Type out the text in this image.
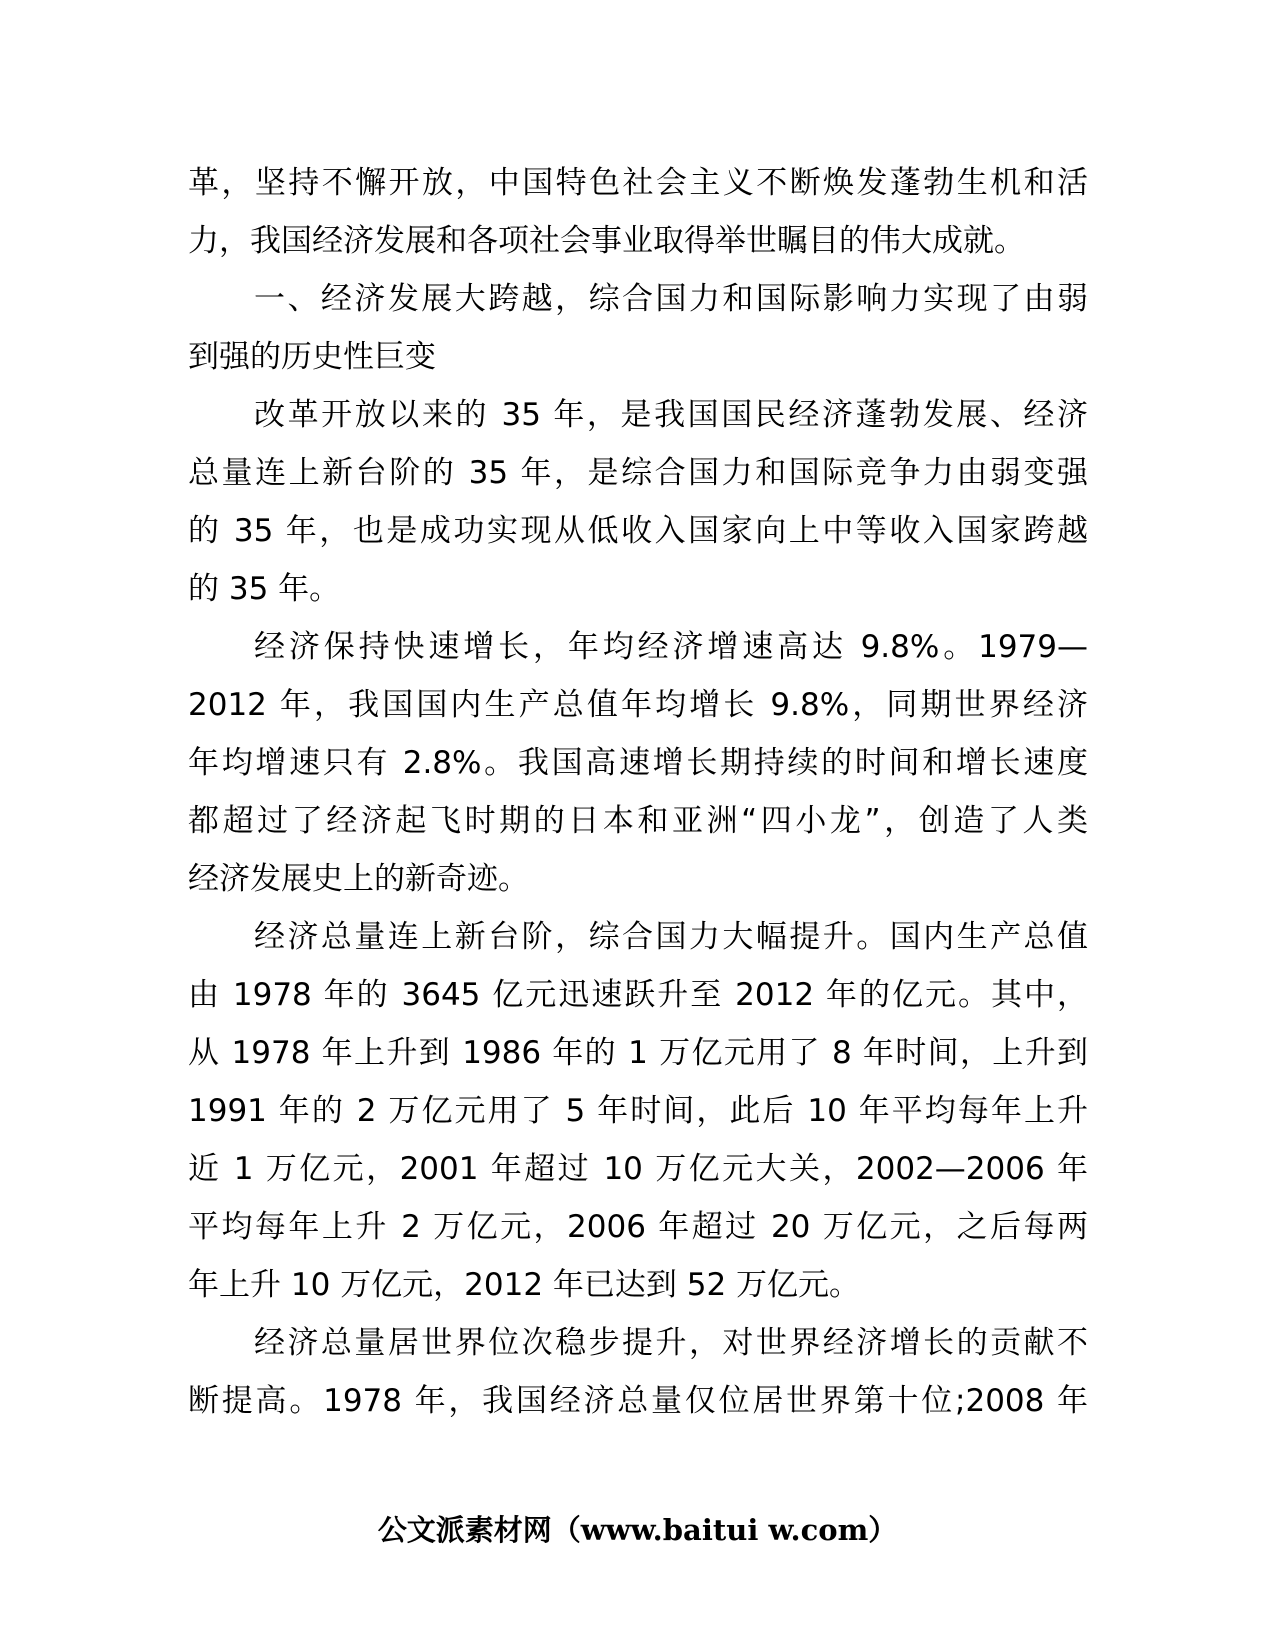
革，坚持不懈开放，中国特色社会主义不断焕发蓬勃生机和活
力，我国经济发展和各项社会事业取得举世瞩目的伟大成就。
一、经济发展大跨越，综合国力和国际影响力实现了由弱
到强的历史性巨变
改革开放以来的 35 年，是我国国民经济蓬勃发展、经济
总量连上新台阶的 35 年，是综合国力和国际竞争力由弱变强
的 35 年，也是成功实现从低收入国家向上中等收入国家跨越
的 35 年。
经济保持快速增长，年均经济增速高达 9.8%。1979—
2012 年，我国国内生产总值年均增长 9.8%，同期世界经济
年均增速只有 2.8%。我国高速增长期持续的时间和增长速度
都超过了经济起飞时期的日本和亚洲“四小龙”，创造了人类
经济发展史上的新奇迹。
经济总量连上新台阶，综合国力大幅提升。国内生产总值
由 1978 年的 3645 亿元迅速跃升至 2012 年的亿元。其中，
从 1978 年上升到 1986 年的 1 万亿元用了 8 年时间，上升到
1991 年的 2 万亿元用了 5 年时间，此后 10 年平均每年上升
近 1 万亿元，2001 年超过 10 万亿元大关，2002—2006 年
平均每年上升 2 万亿元，2006 年超过 20 万亿元，之后每两
年上升 10 万亿元，2012 年已达到 52 万亿元。
经济总量居世界位次稳步提升，对世界经济增长的贡献不
断提高。1978 年，我国经济总量仅位居世界第十位;2008 年
公文派素材网（www.baitui w.com）
